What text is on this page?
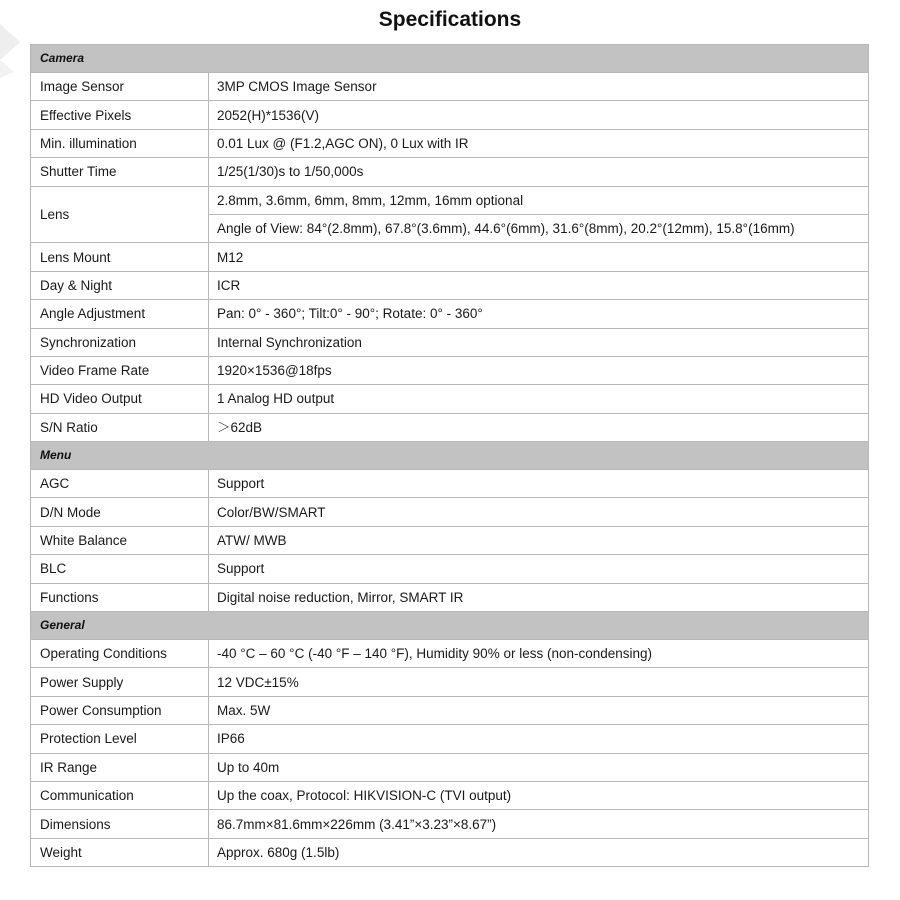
Specifications
Camera	
Image Sensor	3MP CMOS Image Sensor
Effective Pixels	2052(H)*1536(V)
Min. illumination	0.01 Lux @ (F1.2,AGC ON), 0 Lux with IR
Shutter Time	1/25(1/30)s to 1/50,000s
Lens	2.8mm, 3.6mm, 6mm, 8mm, 12mm, 16mm optional
	Angle of View: 84°(2.8mm), 67.8°(3.6mm), 44.6°(6mm), 31.6°(8mm), 20.2°(12mm), 15.8°(16mm)
Lens Mount	M12
Day & Night	ICR
Angle Adjustment	Pan: 0° - 360°; Tilt:0° - 90°; Rotate: 0° - 360°
Synchronization	Internal Synchronization
Video Frame Rate	1920×1536@18fps
HD Video Output	1 Analog HD output
S/N Ratio	＞62dB
Menu	
AGC	Support
D/N Mode	Color/BW/SMART
White Balance	ATW/ MWB
BLC	Support
Functions	Digital noise reduction, Mirror, SMART IR
General	
Operating Conditions	-40 °C – 60 °C (-40 °F – 140 °F), Humidity 90% or less (non-condensing)
Power Supply	12 VDC±15%
Power Consumption	Max. 5W
Protection Level	IP66
IR Range	Up to 40m
Communication	Up the coax, Protocol: HIKVISION-C (TVI output)
Dimensions	86.7mm×81.6mm×226mm (3.41”×3.23”×8.67”)
Weight	Approx. 680g (1.5lb)
